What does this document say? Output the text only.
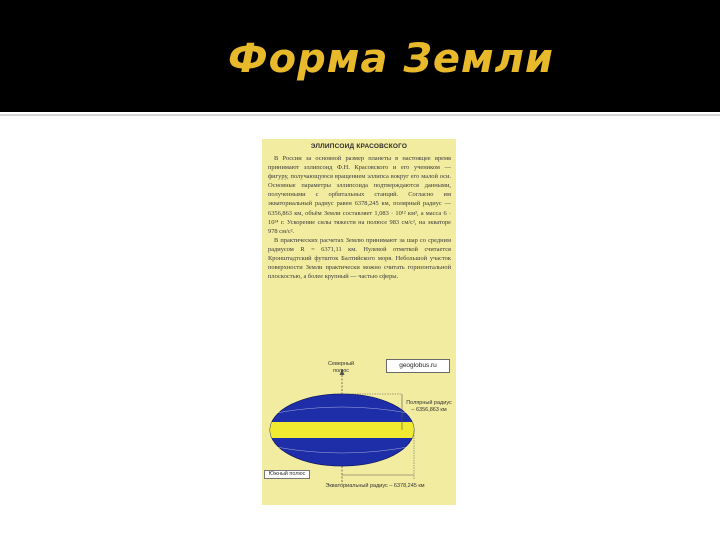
Форма Земли
ЭЛЛИПСОИД КРАСОВСКОГО

В России за основной размер планеты в настоящее время принимают эллипсоид Ф.Н. Красовского и его учеником — фигуру, получающуюся вращением эллипса вокруг его малой оси. Основные параметры эллипсоида подтверждаются данными, полученными с орбитальных станций. Согласно им экваториальный радиус равен 6378,245 км, полярный радиус — 6356,863 км, объём Земли составляет 1,083 · 10¹² км³, а масса 6 · 10²⁴ г. Ускорение силы тяжести на полюсе 983 см/с², на экваторе 978 см/с².

В практических расчетах Землю принимают за шар со средним радиусом R = 6371,11 км. Нулевой отметкой считается Кронштадтский футшток Балтийского моря. Небольшой участок поверхности Земли практически можно считать горизонтальной плоскостью, а более крупный — частью сферы.

geoglobus.ru
Северный полюс
Южный полюс
Полярный радиус – 6356,863 км
Экваториальный радиус – 6378,245 км
